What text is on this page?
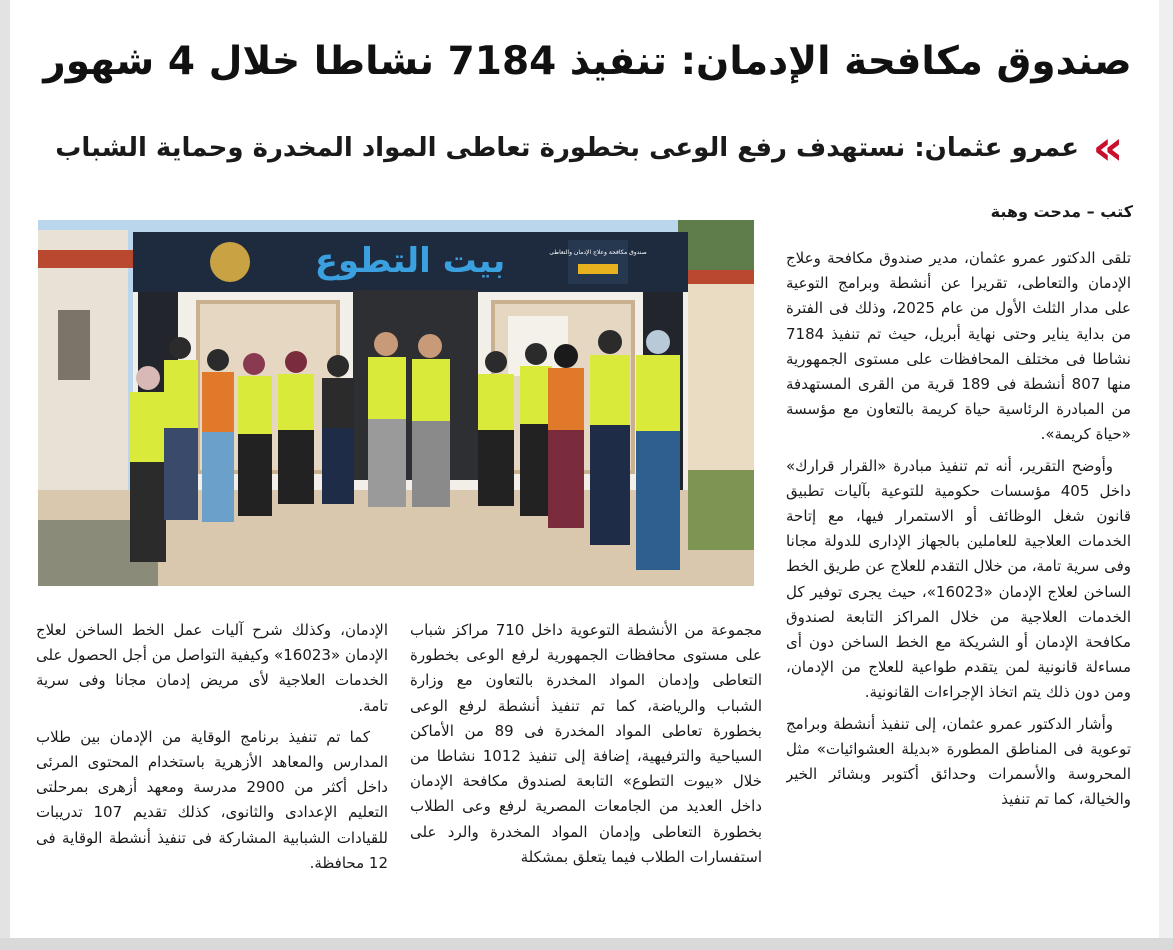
صندوق مكافحة الإدمان: تنفيذ 7184 نشاطا خلال 4 شهور
»
عمرو عثمان: نستهدف رفع الوعى بخطورة تعاطى المواد المخدرة وحماية الشباب
كتب – مدحت وهبة
بيت التطوع	صندوق مكافحة وعلاج الإدمان والتعاطى	تلقى الدكتور عمرو عثمان، مدير صندوق مكافحة وعلاج الإدمان والتعاطى، تقريرا عن أنشطة وبرامج التوعية على مدار الثلث الأول من عام 2025، وذلك فى الفترة من بداية يناير وحتى نهاية أبريل، حيث تم تنفيذ 7184 نشاطا فى مختلف المحافظات على مستوى الجمهورية منها 807 أنشطة فى 189 قرية من القرى المستهدفة من المبادرة الرئاسية حياة كريمة بالتعاون مع مؤسسة «حياة كريمة».

وأوضح التقرير، أنه تم تنفيذ مبادرة «القرار قرارك» داخل 405 مؤسسات حكومية للتوعية بآليات تطبيق قانون شغل الوظائف أو الاستمرار فيها، مع إتاحة الخدمات العلاجية للعاملين بالجهاز الإدارى للدولة مجانا وفى سرية تامة، من خلال التقدم للعلاج عن طريق الخط الساخن لعلاج الإدمان «16023»، حيث يجرى توفير كل الخدمات العلاجية من خلال المراكز التابعة لصندوق مكافحة الإدمان أو الشريكة مع الخط الساخن دون أى مساءلة قانونية لمن يتقدم طواعية للعلاج من الإدمان، ومن دون ذلك يتم اتخاذ الإجراءات القانونية.

وأشار الدكتور عمرو عثمان، إلى تنفيذ أنشطة وبرامج توعوية فى المناطق المطورة «بديلة العشوائيات» مثل المحروسة والأسمرات وحدائق أكتوبر وبشائر الخير والخيالة، كما تم تنفيذ

مجموعة من الأنشطة التوعوية داخل 710 مراكز شباب على مستوى محافظات الجمهورية لرفع الوعى بخطورة التعاطى وإدمان المواد المخدرة بالتعاون مع وزارة الشباب والرياضة، كما تم تنفيذ أنشطة لرفع الوعى بخطورة تعاطى المواد المخدرة فى 89 من الأماكن السياحية والترفيهية، إضافة إلى تنفيذ 1012 نشاطا من خلال «بيوت التطوع» التابعة لصندوق مكافحة الإدمان داخل العديد من الجامعات المصرية لرفع وعى الطلاب بخطورة التعاطى وإدمان المواد المخدرة والرد على استفسارات الطلاب فيما يتعلق بمشكلة

الإدمان، وكذلك شرح آليات عمل الخط الساخن لعلاج الإدمان «16023» وكيفية التواصل من أجل الحصول على الخدمات العلاجية لأى مريض إدمان مجانا وفى سرية تامة.

كما تم تنفيذ برنامج الوقاية من الإدمان بين طلاب المدارس والمعاهد الأزهرية باستخدام المحتوى المرئى داخل أكثر من 2900 مدرسة ومعهد أزهرى بمرحلتى التعليم الإعدادى والثانوى، كذلك تقديم 107 تدريبات للقيادات الشبابية المشاركة فى تنفيذ أنشطة الوقاية فى 12 محافظة.
